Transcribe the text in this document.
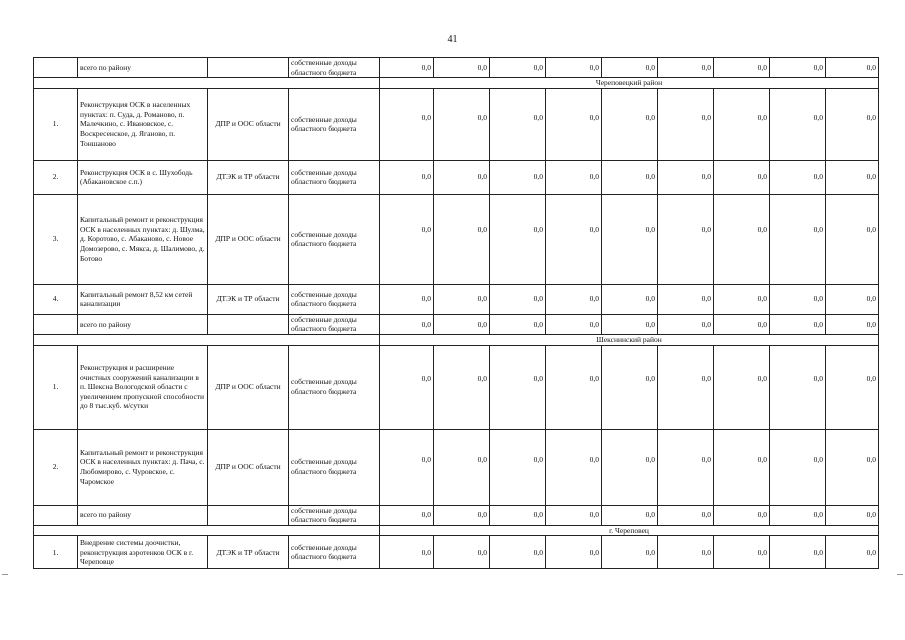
41
	всего по району		собственные доходы областного бюджета	0,0	0,0	0,0	0,0	0,0	0,0	0,0	0,0	0,0
				Череповецкий район								
1.	Реконструкция ОСК в населенных пунктах: п. Суда, д. Романово, п. Малечкино, с. Ивановское, с. Воскресенское, д. Яганово, п. Тоншаново	ДПР и ООС области	собственные доходы областного бюджета	0,0	0,0	0,0	0,0	0,0	0,0	0,0	0,0	0,0
2.	Реконструкция ОСК в с. Шухободь (Абакановское с.п.)	ДТЭК и ТР области	собственные доходы областного бюджета	0,0	0,0	0,0	0,0	0,0	0,0	0,0	0,0	0,0
3.	Капитальный ремонт и реконструкция ОСК в населенных пунктах: д. Шулма, д. Коротово, с. Абаканово, с. Новое Домозерово, с. Мякса, д. Шалимово, д. Ботово	ДПР и ООС области	собственные доходы областного бюджета	0,0	0,0	0,0	0,0	0,0	0,0	0,0	0,0	0,0
4.	Капитальный ремонт 8,52 км сетей канализации	ДТЭК и ТР области	собственные доходы областного бюджета	0,0	0,0	0,0	0,0	0,0	0,0	0,0	0,0	0,0
	всего по району		собственные доходы областного бюджета	0,0	0,0	0,0	0,0	0,0	0,0	0,0	0,0	0,0
				Шекснинский район								
1.	Реконструкция и расширение очистных сооружений канализации в п. Шексна Вологодской области с увеличением пропускной способности до 8 тыс.куб. м/сутки	ДПР и ООС области	собственные доходы областного бюджета	0,0	0,0	0,0	0,0	0,0	0,0	0,0	0,0	0,0
2.	Капитальный ремонт и реконструкция ОСК в населенных пунктах: д. Пача, с. Любомирово, с. Чуровское, с. Чаромское	ДПР и ООС области	собственные доходы областного бюджета	0,0	0,0	0,0	0,0	0,0	0,0	0,0	0,0	0,0
	всего по району		собственные доходы областного бюджета	0,0	0,0	0,0	0,0	0,0	0,0	0,0	0,0	0,0
				г. Череповец								
1.	Внедрение системы доочистки, реконструкция аэротенков ОСК в г. Череповце	ДТЭК и ТР области	собственные доходы областного бюджета	0,0	0,0	0,0	0,0	0,0	0,0	0,0	0,0	0,0
